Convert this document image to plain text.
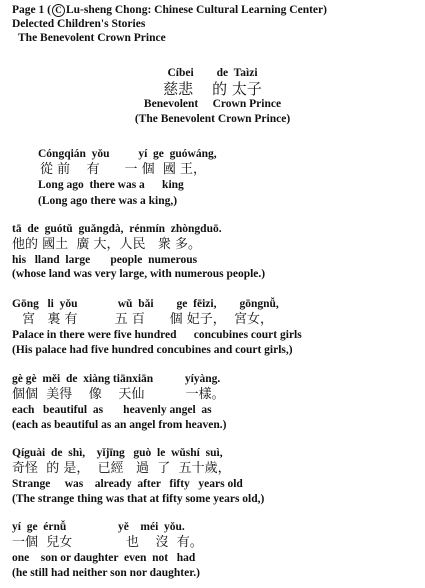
Page 1 ( C Lu-sheng Chong: Chinese Cultural Learning Center)
Delected Children's Stories
The Benevolent Crown Prince
Cíbei        de  Taìzi
慈悲    的 太子
Benevolent     Crown Prince
(The Benevolent Crown Prince)
Cóngqián  yǒu          yí  ge  guówáng,
從 前    有      一 個  國 王，
Long ago  there was a      king
(Long ago there was a king,)
tā  de  guótǔ  guǎngdà,  rénmín  zhòngduō.
他的 國土  廣 大，人民   衆 多。
his   lland  large       people  numerous
(whose land was very large, with numerous people.)
Gōng   li  yǒu              wǔ  bǎi        ge  fēizi,        gōngnǚ,
宮   裏 有         五 百      個 妃子，  宮女，
Palace in there were five hundred      concubines court girls
(His palace had five hundred concubines and court girls,)
gè gè  měi  de  xiàng tiānxiān           yíyàng.
個個  美得    像    天仙          一樣。
each   beautiful  as       heavenly angel  as
(each as beautiful as an angel from heaven.)
Qíguài  de  shì,    yǐjīng   guò  le  wǔshí  suì,
奇怪  的 是，  已經   過  了  五十歲，
Strange     was    already  after   fifty   years old
(The strange thing was that at fifty some years old,)
yí  ge  érnǚ                  yě    méi  yǒu.
一個  兒女             也    沒  有。
one    son or daughter  even  not   had
(he still had neither son nor daughter.)
